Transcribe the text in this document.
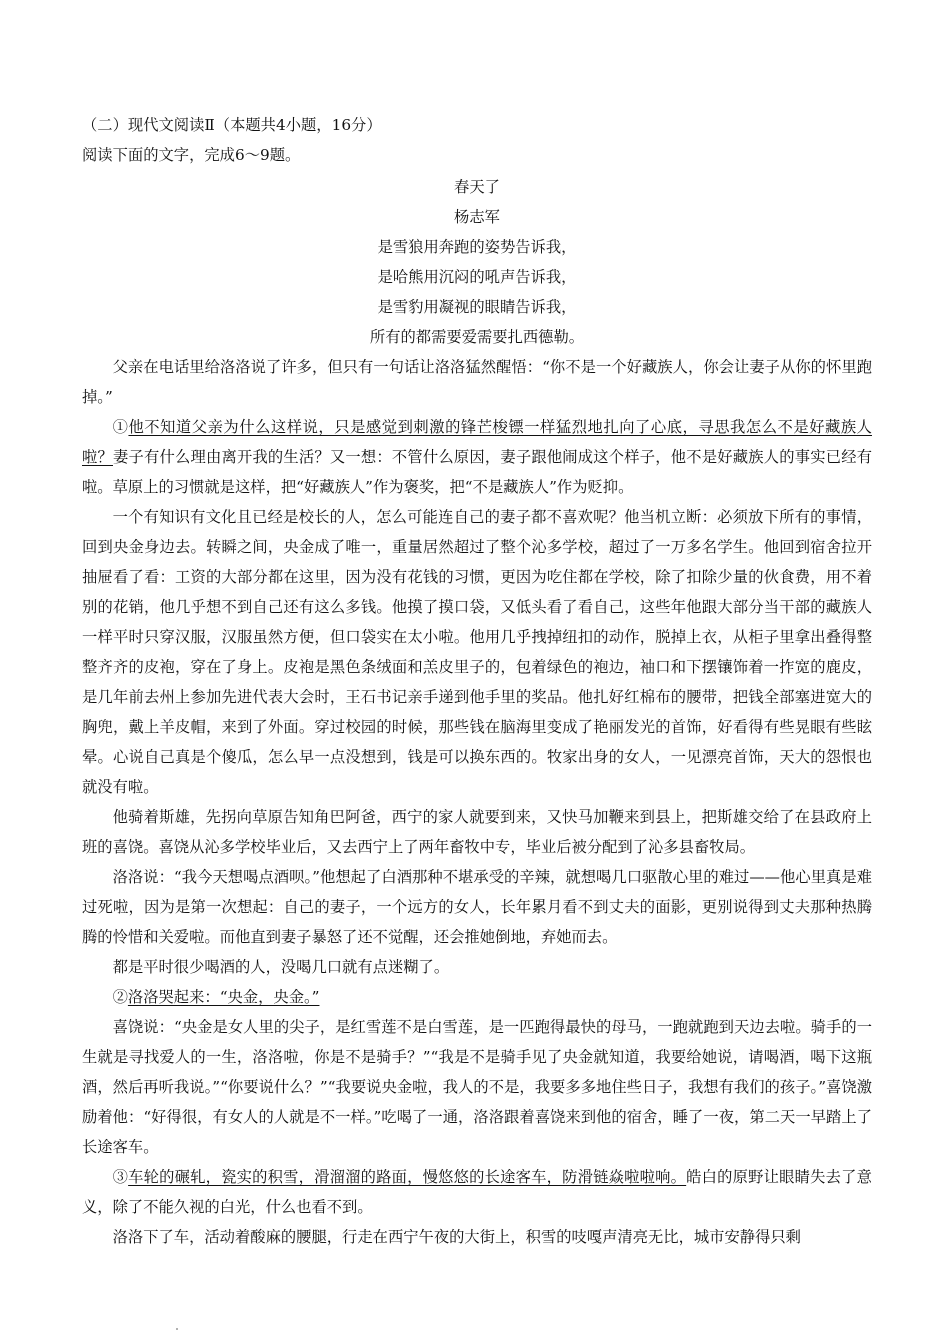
（二）现代文阅读Ⅱ（本题共4小题，16分）
阅读下面的文字，完成6～9题。
春天了
杨志军
是雪狼用奔跑的姿势告诉我，
是哈熊用沉闷的吼声告诉我，
是雪豹用凝视的眼睛告诉我，
所有的都需要爱需要扎西德勒。

父亲在电话里给洛洛说了许多，但只有一句话让洛洛猛然醒悟：“你不是一个好藏族人，你会让妻子从你的怀里跑掉。”

①他不知道父亲为什么这样说，只是感觉到刺激的锋芒梭镖一样猛烈地扎向了心底，寻思我怎么不是好藏族人啦？妻子有什么理由离开我的生活？又一想：不管什么原因，妻子跟他闹成这个样子，他不是好藏族人的事实已经有啦。草原上的习惯就是这样，把“好藏族人”作为褒奖，把“不是藏族人”作为贬抑。

一个有知识有文化且已经是校长的人，怎么可能连自己的妻子都不喜欢呢？他当机立断：必须放下所有的事情，回到央金身边去。转瞬之间，央金成了唯一，重量居然超过了整个沁多学校，超过了一万多名学生。他回到宿舍拉开抽屉看了看：工资的大部分都在这里，因为没有花钱的习惯，更因为吃住都在学校，除了扣除少量的伙食费，用不着别的花销，他几乎想不到自己还有这么多钱。他摸了摸口袋，又低头看了看自己，这些年他跟大部分当干部的藏族人一样平时只穿汉服，汉服虽然方便，但口袋实在太小啦。他用几乎拽掉纽扣的动作，脱掉上衣，从柜子里拿出叠得整整齐齐的皮袍，穿在了身上。皮袍是黑色条绒面和羔皮里子的，包着绿色的袍边，袖口和下摆镶饰着一拃宽的鹿皮，是几年前去州上参加先进代表大会时，王石书记亲手递到他手里的奖品。他扎好红棉布的腰带，把钱全部塞进宽大的胸兜，戴上羊皮帽，来到了外面。穿过校园的时候，那些钱在脑海里变成了艳丽发光的首饰，好看得有些晃眼有些眩晕。心说自己真是个傻瓜，怎么早一点没想到，钱是可以换东西的。牧家出身的女人，一见漂亮首饰，天大的怨恨也就没有啦。

他骑着斯雄，先拐向草原告知角巴阿爸，西宁的家人就要到来，又快马加鞭来到县上，把斯雄交给了在县政府上班的喜饶。喜饶从沁多学校毕业后，又去西宁上了两年畜牧中专，毕业后被分配到了沁多县畜牧局。

洛洛说：“我今天想喝点酒呗。”他想起了白酒那种不堪承受的辛辣，就想喝几口驱散心里的难过——他心里真是难过死啦，因为是第一次想起：自己的妻子，一个远方的女人，长年累月看不到丈夫的面影，更别说得到丈夫那种热腾腾的怜惜和关爱啦。而他直到妻子暴怒了还不觉醒，还会推她倒地，弃她而去。

都是平时很少喝酒的人，没喝几口就有点迷糊了。

②洛洛哭起来：“央金，央金。”

喜饶说：“央金是女人里的尖子，是红雪莲不是白雪莲，是一匹跑得最快的母马，一跑就跑到天边去啦。骑手的一生就是寻找爱人的一生，洛洛啦，你是不是骑手？”“我是不是骑手见了央金就知道，我要给她说，请喝酒，喝下这瓶酒，然后再听我说。”“你要说什么？”“我要说央金啦，我人的不是，我要多多地住些日子，我想有我们的孩子。”喜饶激励着他：“好得很，有女人的人就是不一样。”吃喝了一通，洛洛跟着喜饶来到他的宿舍，睡了一夜，第二天一早踏上了长途客车。

③车轮的碾轧，瓷实的积雪，滑溜溜的路面，慢悠悠的长途客车，防滑链焱啦啦响。皓白的原野让眼睛失去了意义，除了不能久视的白光，什么也看不到。

洛洛下了车，活动着酸麻的腰腿，行走在西宁午夜的大街上，积雪的吱嘎声清亮无比，城市安静得只剩
